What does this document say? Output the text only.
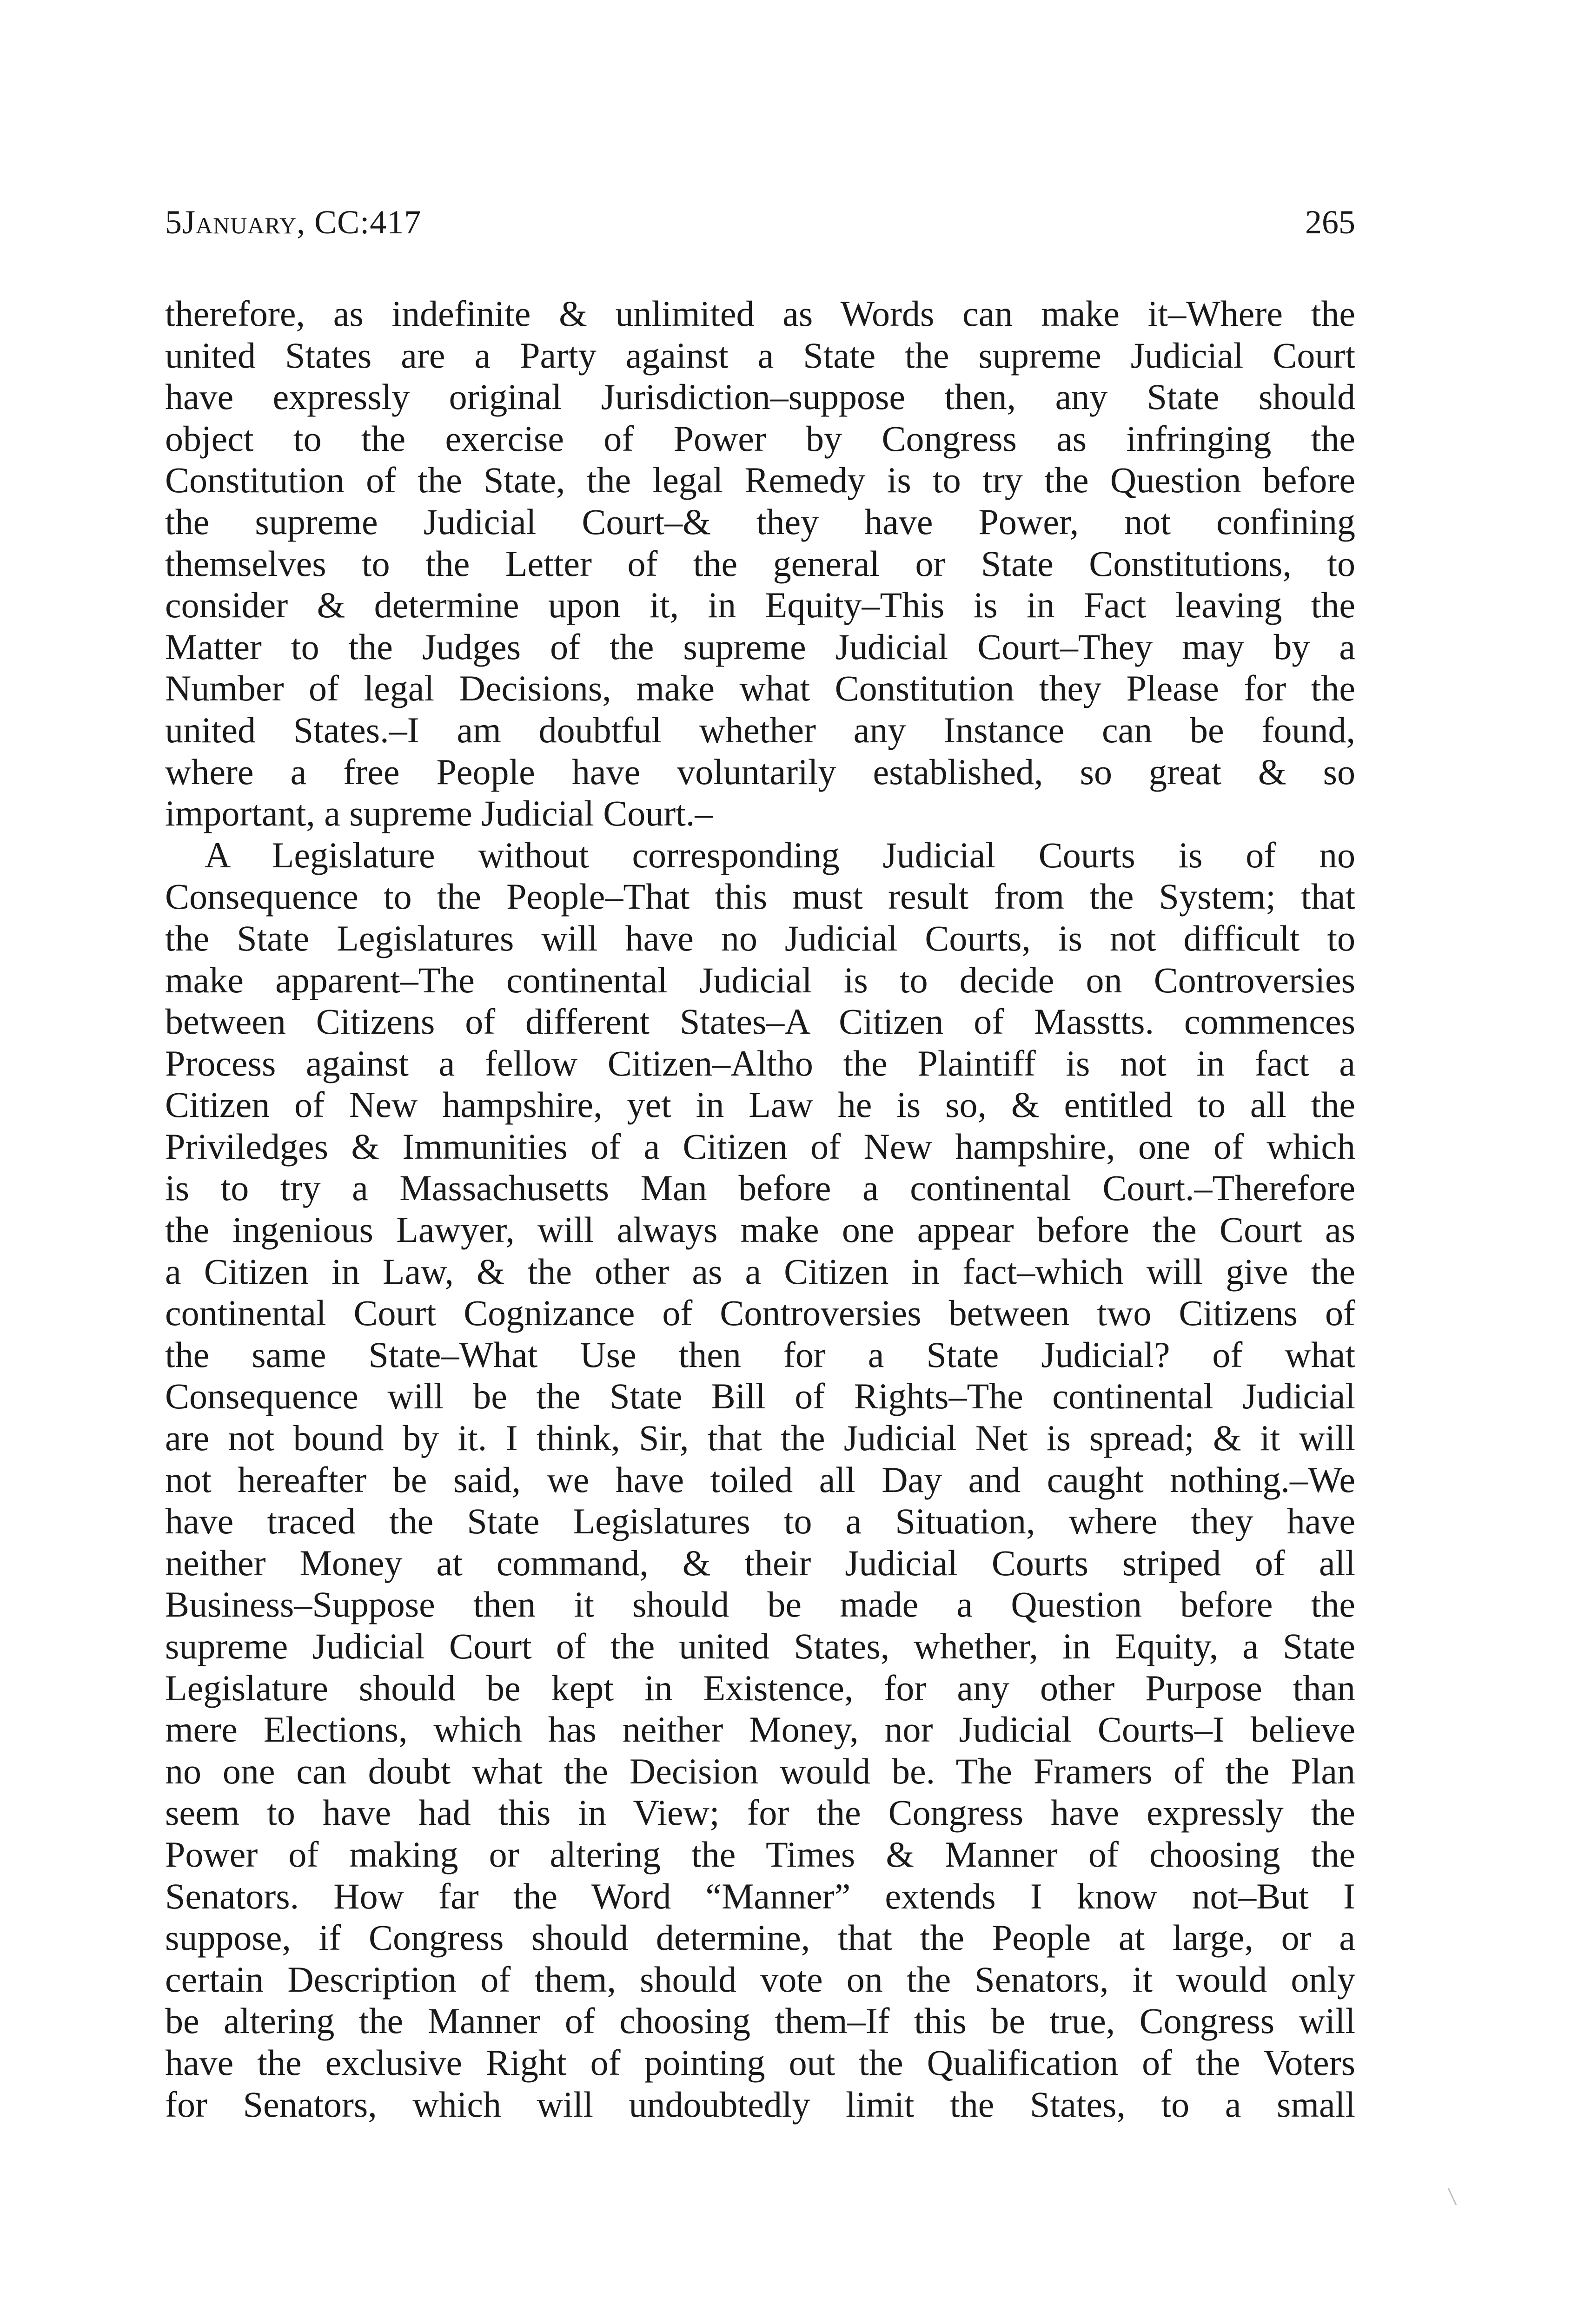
5January, CC:417	265
therefore, as indefinite & unlimited as Words can make it–Where the
united States are a Party against a State the supreme Judicial Court
have expressly original Jurisdiction–suppose then, any State should
object to the exercise of Power by Congress as infringing the
Constitution of the State, the legal Remedy is to try the Question before
the supreme Judicial Court–& they have Power, not confining
themselves to the Letter of the general or State Constitutions, to
consider & determine upon it, in Equity–This is in Fact leaving the
Matter to the Judges of the supreme Judicial Court–They may by a
Number of legal Decisions, make what Constitution they Please for the
united States.–I am doubtful whether any Instance can be found,
where a free People have voluntarily established, so great & so
important, a supreme Judicial Court.–
A Legislature without corresponding Judicial Courts is of no
Consequence to the People–That this must result from the System; that
the State Legislatures will have no Judicial Courts, is not difficult to
make apparent–The continental Judicial is to decide on Controversies
between Citizens of different States–A Citizen of Masstts. commences
Process against a fellow Citizen–Altho the Plaintiff is not in fact a
Citizen of New hampshire, yet in Law he is so, & entitled to all the
Priviledges & Immunities of a Citizen of New hampshire, one of which
is to try a Massachusetts Man before a continental Court.–Therefore
the ingenious Lawyer, will always make one appear before the Court as
a Citizen in Law, & the other as a Citizen in fact–which will give the
continental Court Cognizance of Controversies between two Citizens of
the same State–What Use then for a State Judicial? of what
Consequence will be the State Bill of Rights–The continental Judicial
are not bound by it. I think, Sir, that the Judicial Net is spread; & it will
not hereafter be said, we have toiled all Day and caught nothing.–We
have traced the State Legislatures to a Situation, where they have
neither Money at command, & their Judicial Courts striped of all
Business–Suppose then it should be made a Question before the
supreme Judicial Court of the united States, whether, in Equity, a State
Legislature should be kept in Existence, for any other Purpose than
mere Elections, which has neither Money, nor Judicial Courts–I believe
no one can doubt what the Decision would be. The Framers of the Plan
seem to have had this in View; for the Congress have expressly the
Power of making or altering the Times & Manner of choosing the
Senators. How far the Word “Manner” extends I know not–But I
suppose, if Congress should determine, that the People at large, or a
certain Description of them, should vote on the Senators, it would only
be altering the Manner of choosing them–If this be true, Congress will
have the exclusive Right of pointing out the Qualification of the Voters
for Senators, which will undoubtedly limit the States, to a small
